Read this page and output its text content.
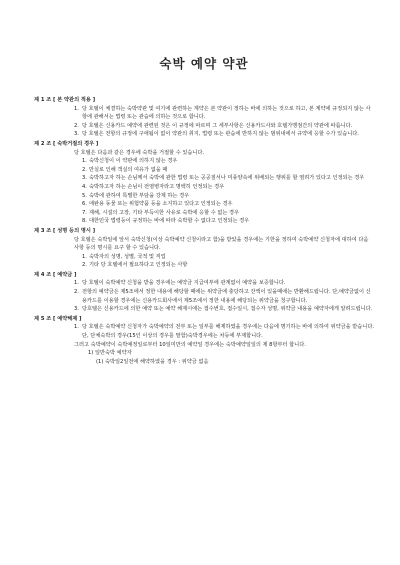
숙박 예약 약관
제 1 조 [ 본 약관의 적용 ]
1. 당 호텔이 체결하는 숙박약관 및 여기에 관련하는 계약은 본 약관이 정하는 바에 의하는 것으로 하고, 본 계약에 규정되지 않는 사항에 관해서는 법령 또는 관습에 의하는 것으로 합니다.
2. 당 호텔은 신용카드 예약에 관련된 것은 이 규정에 따르며 그 세부사항은 신용카드사와 호텔가맹점간의 약관에 따릅니다.
3. 당 호텔은 전항의 규정에 구애됨이 없이 약관의 취지, 법령 또는 관습에 반하지 않는 범위내에서 규약에 응할 수가 있습니다.
제 2 조 [ 숙박거절의 경우 ]
당 호텔은 다음과 같은 경우에 숙박을 거절할 수 있습니다.
1. 숙박신청이 이 약관에 의하지 않는 경우
2. 만실로 인해 객실의 여유가 없을 때
3. 숙박하고자 하는 손님께서 숙박에 관한 법령 또는 공공질서나 미풍양속에 위배되는 행위를 할 염려가 있다고 인정되는 경우
4. 숙박하고자 하는 손님이 전염병자라고 명백히 인정되는 경우
5. 숙박에 관하여 특별한 부담을 강제 하는 경우
6. 애완용 동물 또는 위험약품 등을 소지하고 있다고 인정되는 경우
7. 재해, 시설의 고장, 기타 부득이한 사유로 숙박에 응할 수 없는 경우
8. 대한민국 법령등이 규정하는 바에 따라 숙박할 수 없다고 인정되는 경우
제 3 조 [ 성명 등의 명시 ]
당 호텔은 숙박일에 앞서 숙박신청(이상 숙박예약 신청이라고 함)을 받았을 경우에는 기한을 정하여 숙박예약 신청자에 대하여 다음 사항 등의 명시를 요구 할 수 있습니다.
1. 숙박자의 성명, 성별, 국적 및 직업
2. 기타 당 호텔에서 필요하다고 인정되는 사항
제 4 조 [ 예약금 ]
1. 당 호텔이 숙박예약 신청을 받을 경우에는 예약금 지급여부에 관계없이 예약을 보증합니다.
2. 전항의 예약금은 제5조에서 정한 내용에 해당할 때에는 위약금에 충당하고 잔액이 있을때에는 반환해드립니다. 단,예약금없이 신용카드를 이용할 경우에는 신용카드회사에서 제5조에서 정한 내용에 해당되는 위약금을 청구합니다.
3. 당호텔은 신용카드에 의한 예약 또는 예약 해제시에는 접수번호, 접수일시, 접수자 성명, 위약금 내용을 예약자에게 알려드립니다.
제 5 조 [ 예약해제 ]
1. 당 호텔은 숙박예약 신청자가 숙박예약의 전부 또는 일부를 해제하였을 경우에는 다음에 명기하는 바에 의하여 위약금을 받습니다. 단, 단체숙박의 경우(15인 이상의 경우를 말함)숙박경우에는 차등에 부재합니다.
그러고 숙박예약이 숙박예정일로부터 10일미만의 예약일 경우에는 숙박예약일일의 제 8항부터 합니다.
1) 일반숙박 예약자
(1) 숙박일2일전에 해약하였을 경우 : 위약금 없음
